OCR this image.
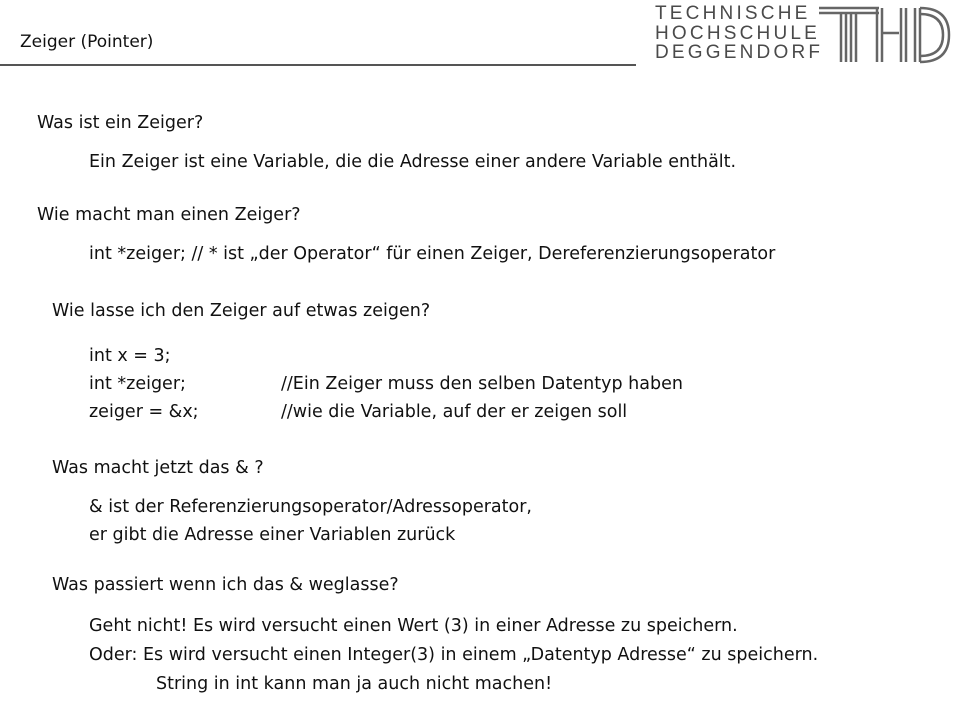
Zeiger (Pointer)
TECHNISCHE
HOCHSCHULE
DEGGENDORF
Was ist ein Zeiger?
Ein Zeiger ist eine Variable, die die Adresse einer andere Variable enthält.
Wie macht man einen Zeiger?
int *zeiger; // * ist „der Operator“ für einen Zeiger, Dereferenzierungsoperator
Wie lasse ich den Zeiger auf etwas zeigen?
int x = 3;
int *zeiger;	//Ein Zeiger muss den selben Datentyp haben
zeiger = &x;	//wie die Variable, auf der er zeigen soll
Was macht jetzt das & ?
& ist der Referenzierungsoperator/Adressoperator,
er gibt die Adresse einer Variablen zurück
Was passiert wenn ich das & weglasse?
Geht nicht! Es wird versucht einen Wert (3) in einer Adresse zu speichern.
Oder: Es wird versucht einen Integer(3) in einem „Datentyp Adresse“ zu speichern.
String in int kann man ja auch nicht machen!
